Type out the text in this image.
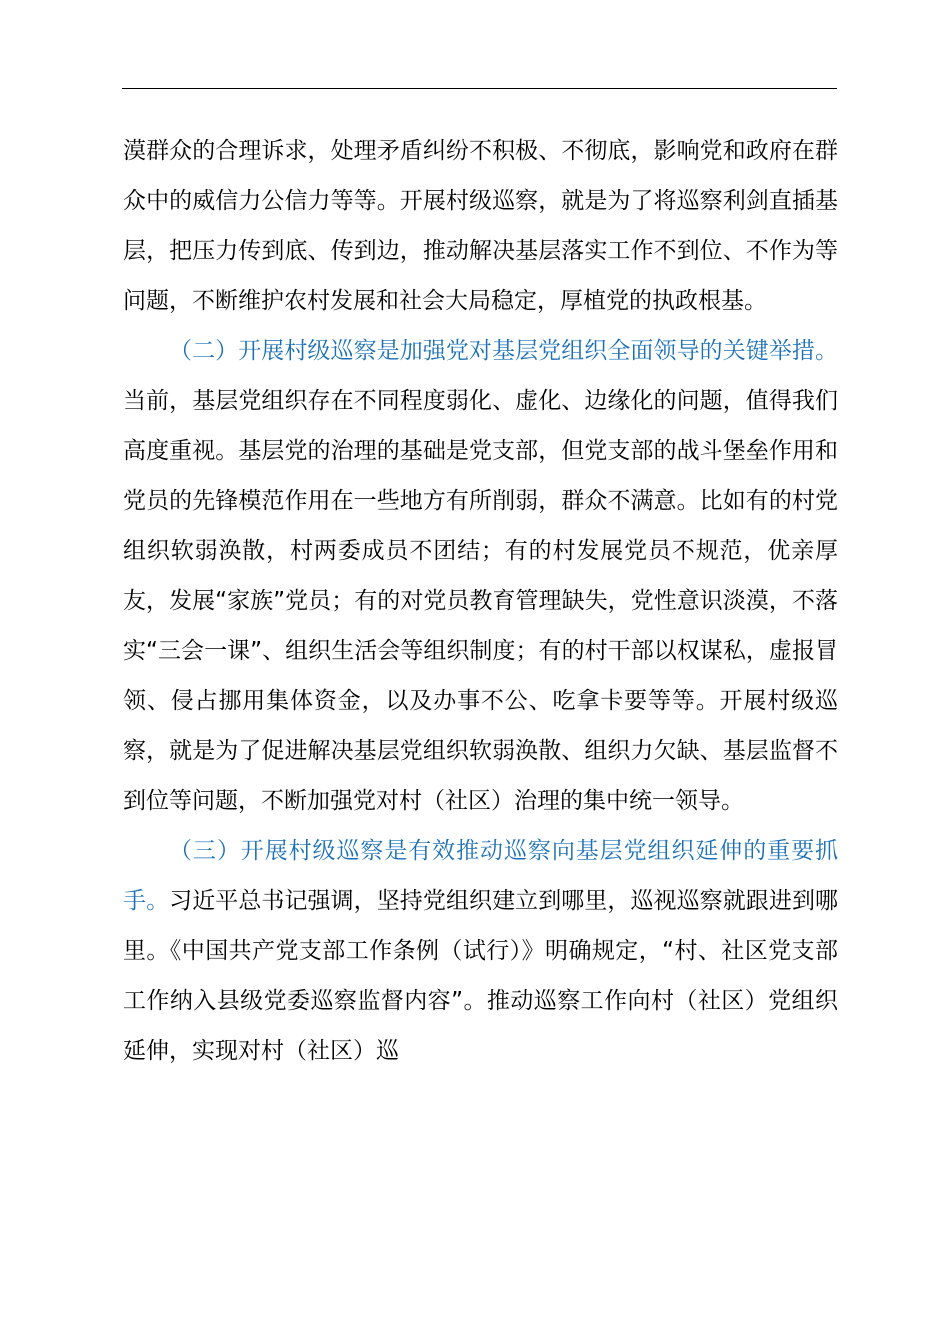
漠群众的合理诉求，处理矛盾纠纷不积极、不彻底，影响党和政府在群众中的威信力公信力等等。开展村级巡察，就是为了将巡察利剑直插基层，把压力传到底、传到边，推动解决基层落实工作不到位、不作为等问题，不断维护农村发展和社会大局稳定，厚植党的执政根基。

（二）开展村级巡察是加强党对基层党组织全面领导的关键举措。当前，基层党组织存在不同程度弱化、虚化、边缘化的问题，值得我们高度重视。基层党的治理的基础是党支部，但党支部的战斗堡垒作用和党员的先锋模范作用在一些地方有所削弱，群众不满意。比如有的村党组织软弱涣散，村两委成员不团结；有的村发展党员不规范，优亲厚友，发展“家族”党员；有的对党员教育管理缺失，党性意识淡漠，不落实“三会一课”、组织生活会等组织制度；有的村干部以权谋私，虚报冒领、侵占挪用集体资金，以及办事不公、吃拿卡要等等。开展村级巡察，就是为了促进解决基层党组织软弱涣散、组织力欠缺、基层监督不到位等问题，不断加强党对村（社区）治理的集中统一领导。

（三）开展村级巡察是有效推动巡察向基层党组织延伸的重要抓手。习近平总书记强调，坚持党组织建立到哪里，巡视巡察就跟进到哪里。《中国共产党支部工作条例（试行）》明确规定，“村、社区党支部工作纳入县级党委巡察监督内容”。推动巡察工作向村（社区）党组织延伸，实现对村（社区）巡
